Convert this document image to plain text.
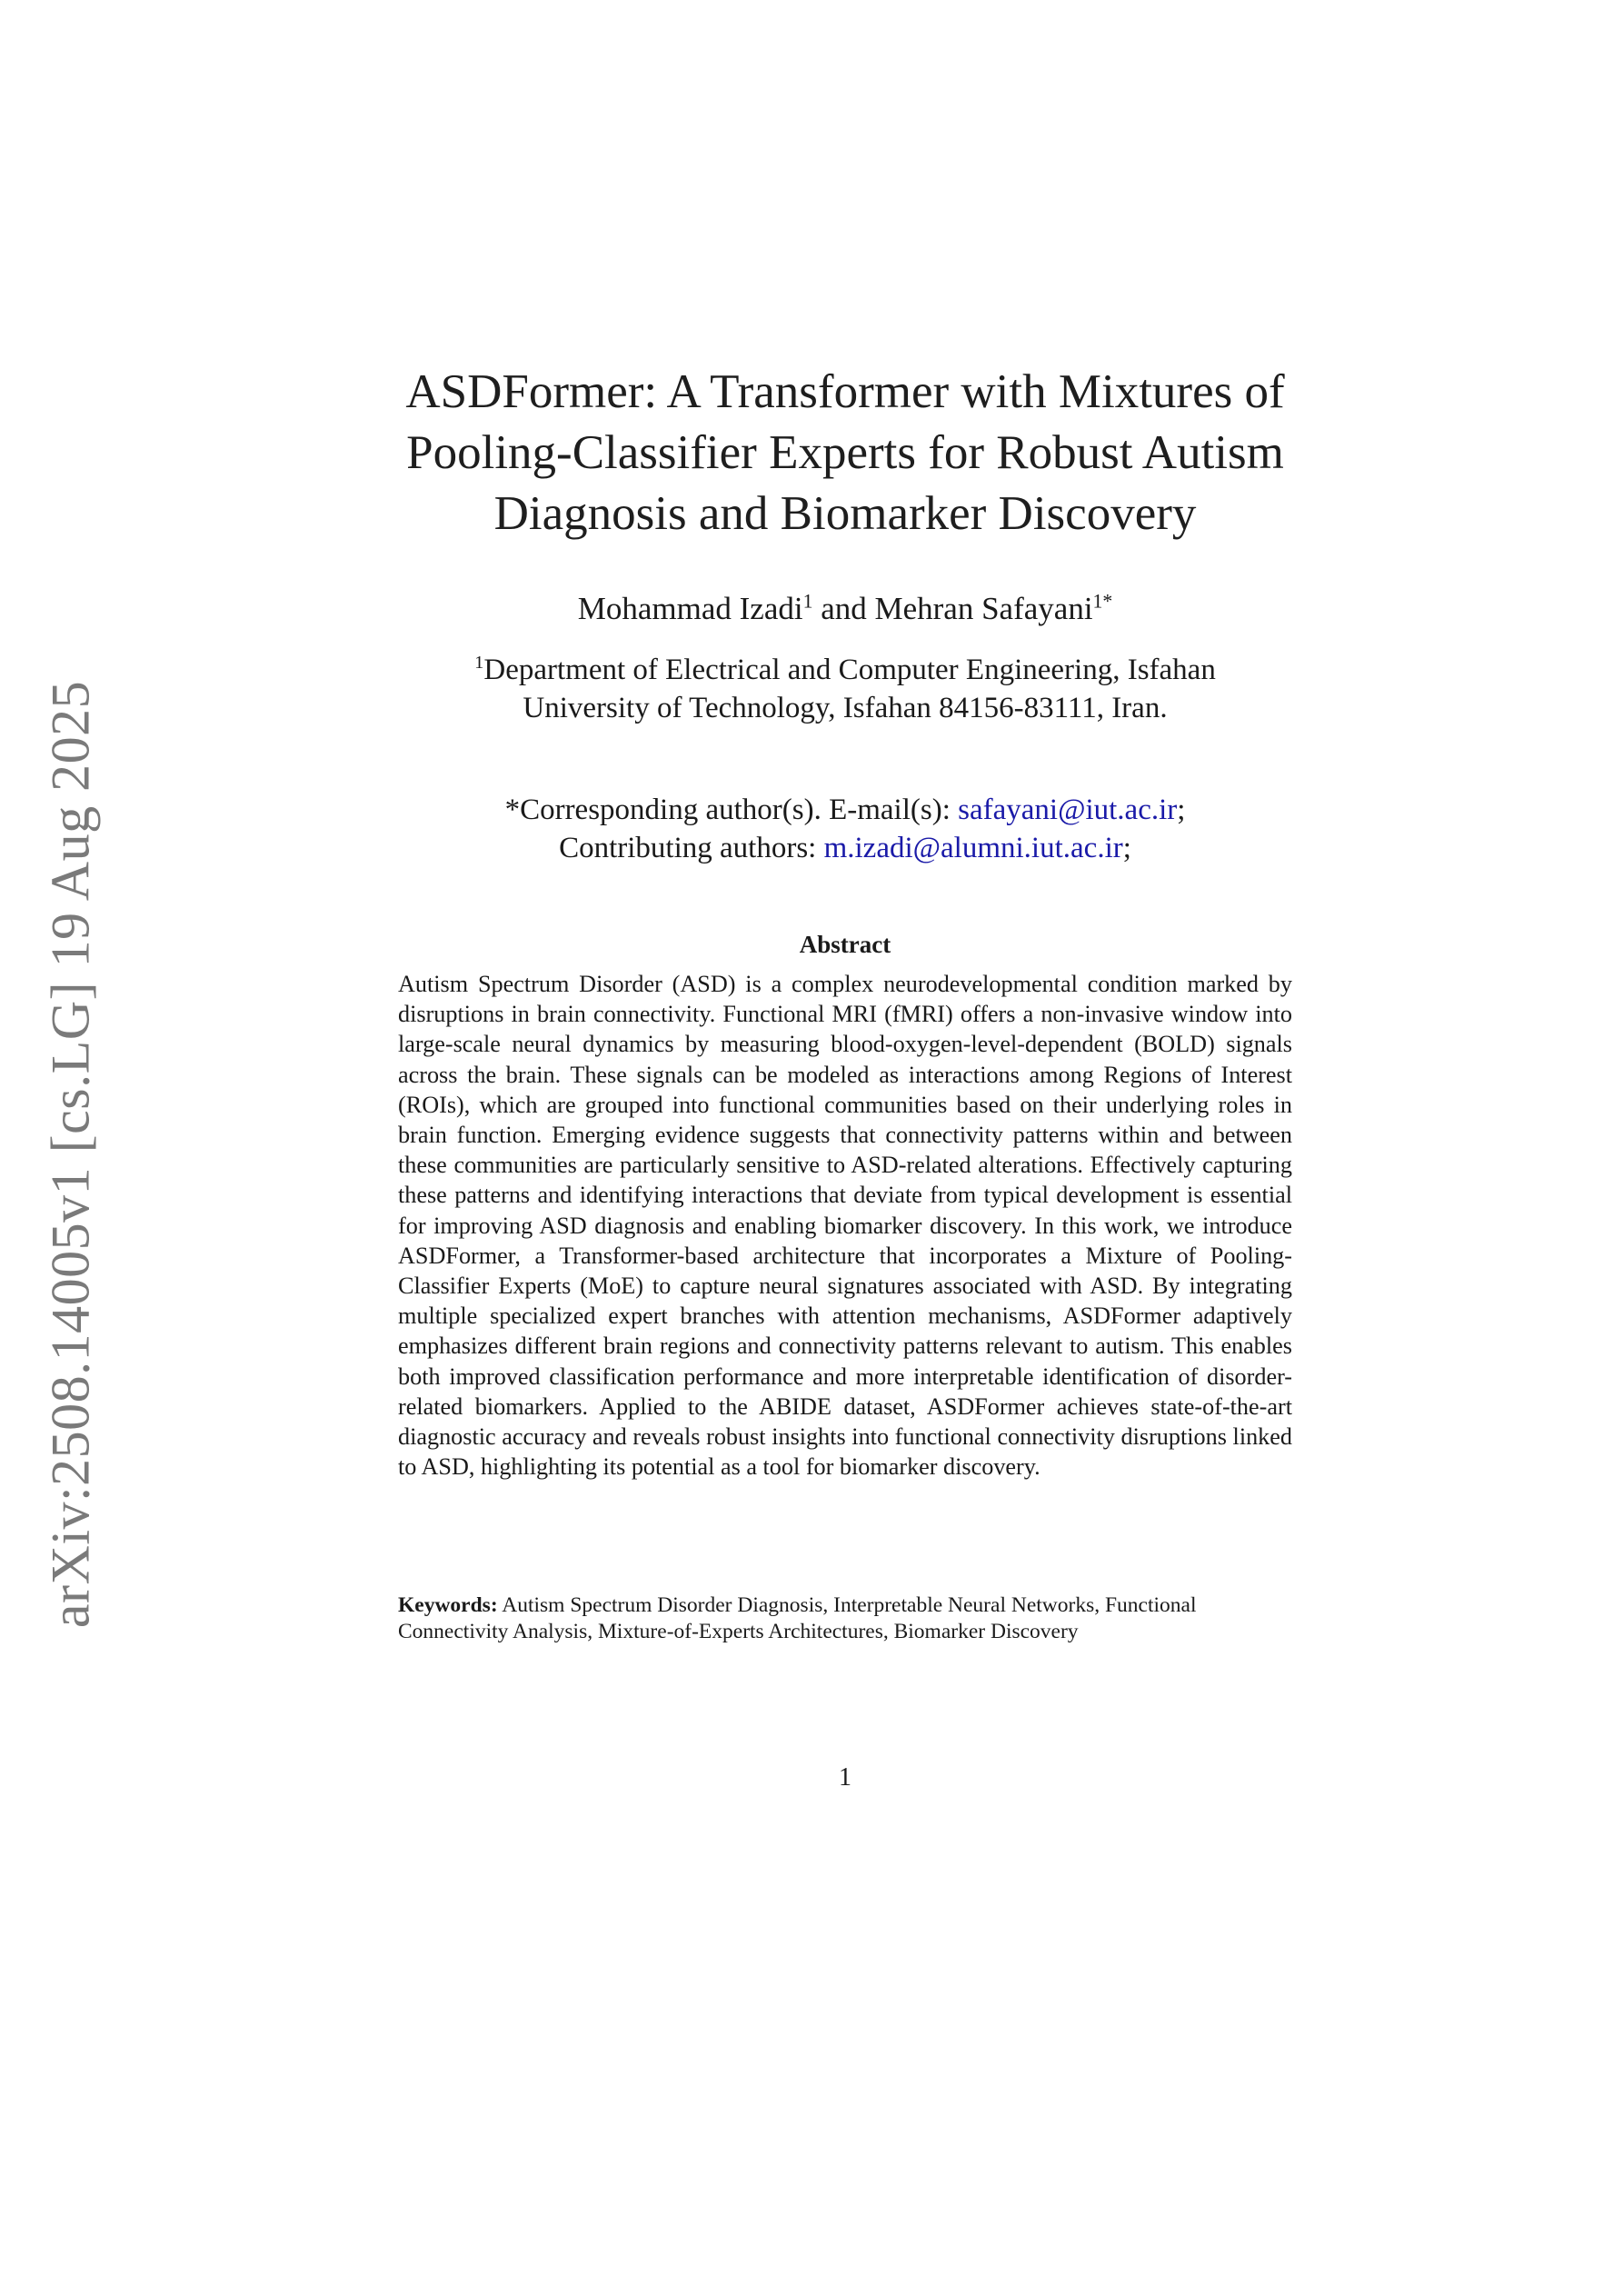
arXiv:2508.14005v1 [cs.LG] 19 Aug 2025
ASDFormer: A Transformer with Mixtures of
Pooling-Classifier Experts for Robust Autism
Diagnosis and Biomarker Discovery
Mohammad Izadi$^1$ and Mehran Safayani$^{1*}$
$^1$Department of Electrical and Computer Engineering, Isfahan
University of Technology, Isfahan 84156-83111, Iran.
*Corresponding author(s). E-mail(s): safayani@iut.ac.ir;
Contributing authors: m.izadi@alumni.iut.ac.ir;
Abstract
Autism Spectrum Disorder (ASD) is a complex neurodevelopmental condition marked by disruptions in brain connectivity. Functional MRI (fMRI) offers a non-invasive window into large-scale neural dynamics by measuring blood-oxygen-level-dependent (BOLD) signals across the brain. These signals can be modeled as interactions among Regions of Interest (ROIs), which are grouped into functional communities based on their underlying roles in brain function. Emerging evidence suggests that connectivity patterns within and between these communities are particularly sensitive to ASD-related alterations. Effectively capturing these patterns and identifying interactions that deviate from typical development is essential for improving ASD diagnosis and enabling biomarker discovery. In this work, we introduce ASDFormer, a Transformer-based architecture that incorporates a Mixture of Pooling-Classifier Experts (MoE) to capture neural signatures associated with ASD. By integrating multiple specialized expert branches with attention mechanisms, ASDFormer adaptively emphasizes different brain regions and connectivity patterns relevant to autism. This enables both improved classification performance and more interpretable identification of disorder-related biomarkers. Applied to the ABIDE dataset, ASDFormer achieves state-of-the-art diagnostic accuracy and reveals robust insights into functional connectivity disruptions linked to ASD, highlighting its potential as a tool for biomarker discovery.
Keywords: Autism Spectrum Disorder Diagnosis, Interpretable Neural Networks, Functional Connectivity Analysis, Mixture-of-Experts Architectures, Biomarker Discovery
1
